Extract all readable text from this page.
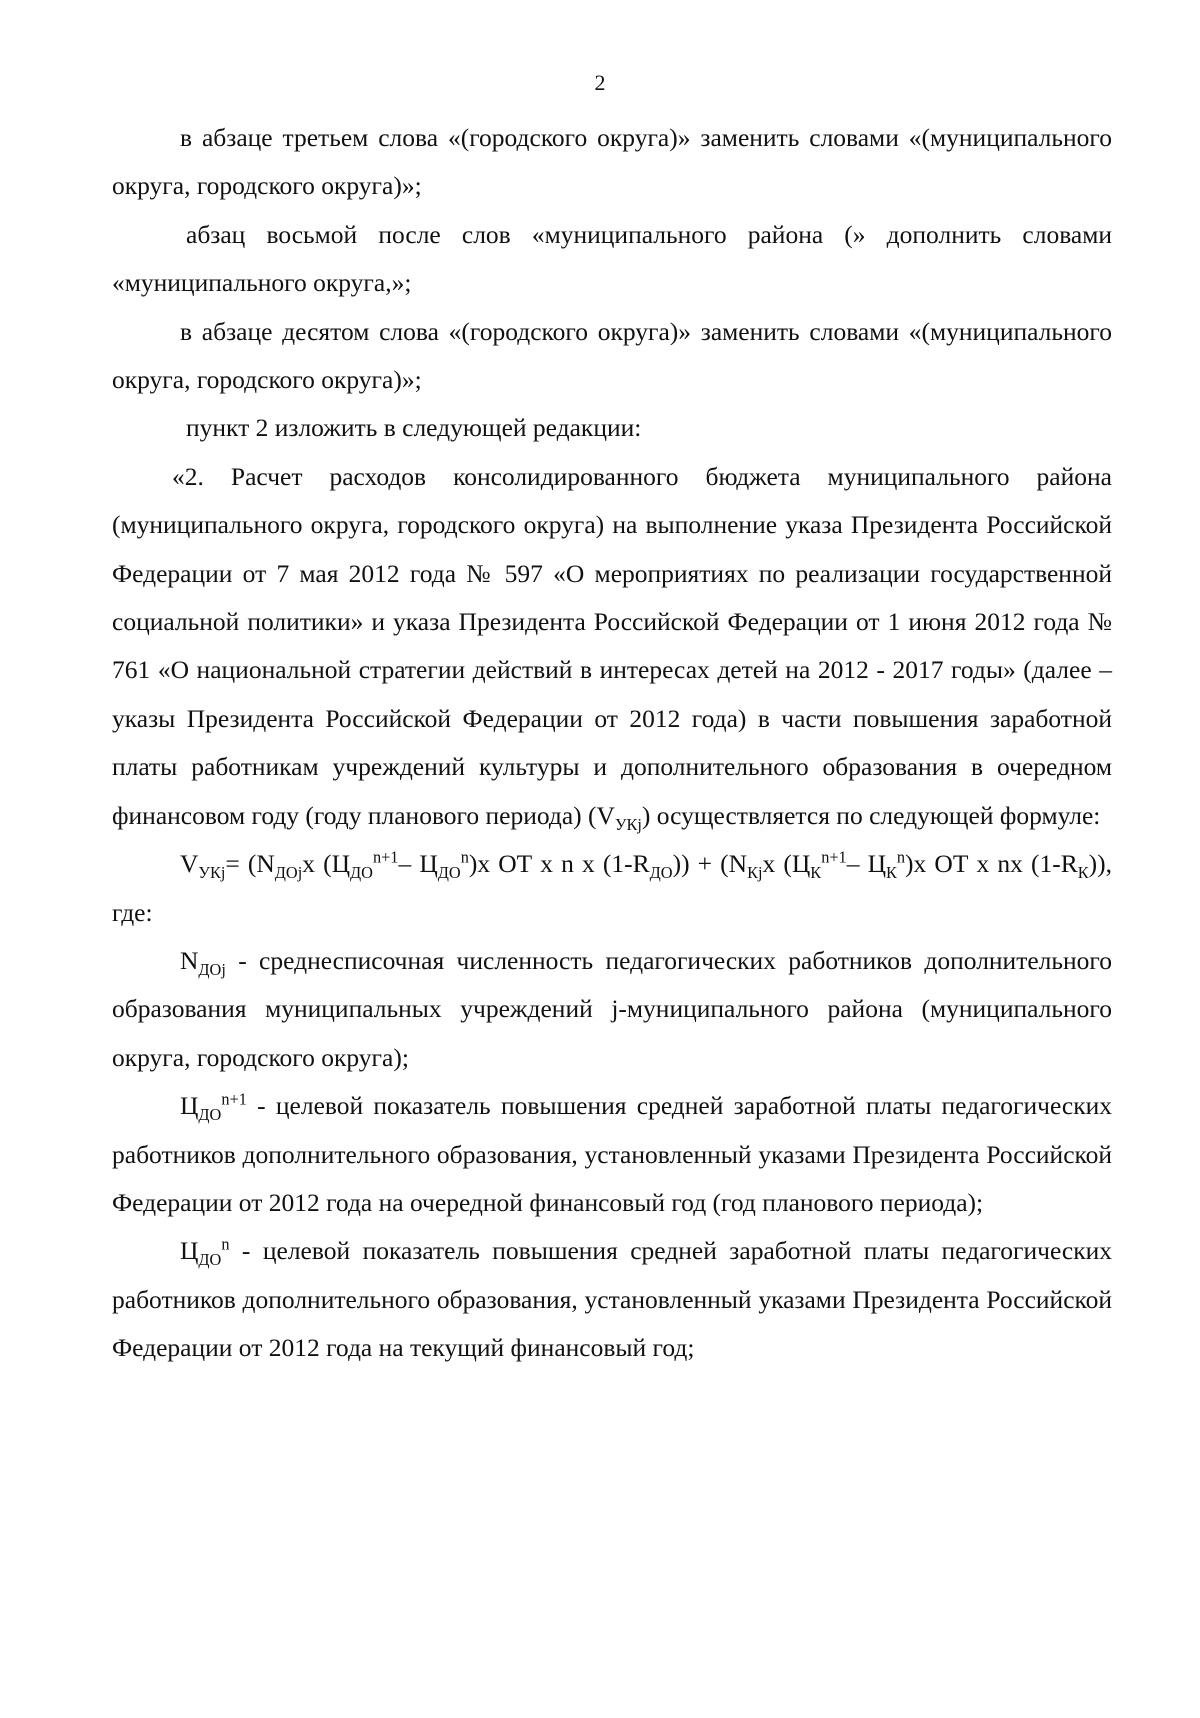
2

в абзаце третьем слова «(городского округа)» заменить словами «(муниципального округа, городского округа)»;

абзац восьмой после слов «муниципального района (» дополнить словами «муниципального округа,»;

в абзаце десятом слова «(городского округа)» заменить словами «(муниципального округа, городского округа)»;

пункт 2 изложить в следующей редакции:

«2. Расчет расходов консолидированного бюджета муниципального района (муниципального округа, городского округа) на выполнение указа Президента Российской Федерации от 7 мая 2012 года № 597 «О мероприятиях по реализации государственной социальной политики» и указа Президента Российской Федерации от 1 июня 2012 года № 761 «О национальной стратегии действий в интересах детей на 2012 - 2017 годы» (далее – указы Президента Российской Федерации от 2012 года) в части повышения заработной платы работникам учреждений культуры и дополнительного образования в очередном финансовом году (году планового периода) $(V_{УКj})$ осуществляется по следующей формуле:

$V_{УКj}= (N_{ДОj}x$ ($Ц_{ДО}^{n+1}-$ $Ц_{ДО}^n)x$ ОТ x n x $(1-R_{ДО})) + (N_{Кj}x$ ($Ц_К^{n+1}-$ $Ц_К^n)x$ ОТ x nx $(1-R_К)$), где:

$N_{ДОj}$ - среднесписочная численность педагогических работников дополнительного образования муниципальных учреждений j-муниципального района (муниципального округа, городского округа);

$Ц_{ДО}^{n+1}$ - целевой показатель повышения средней заработной платы педагогических работников дополнительного образования, установленный указами Президента Российской Федерации от 2012 года на очередной финансовый год (год планового периода);

$Ц_{ДО}^n$ - целевой показатель повышения средней заработной платы педагогических работников дополнительного образования, установленный указами Президента Российской Федерации от 2012 года на текущий финансовый год;
